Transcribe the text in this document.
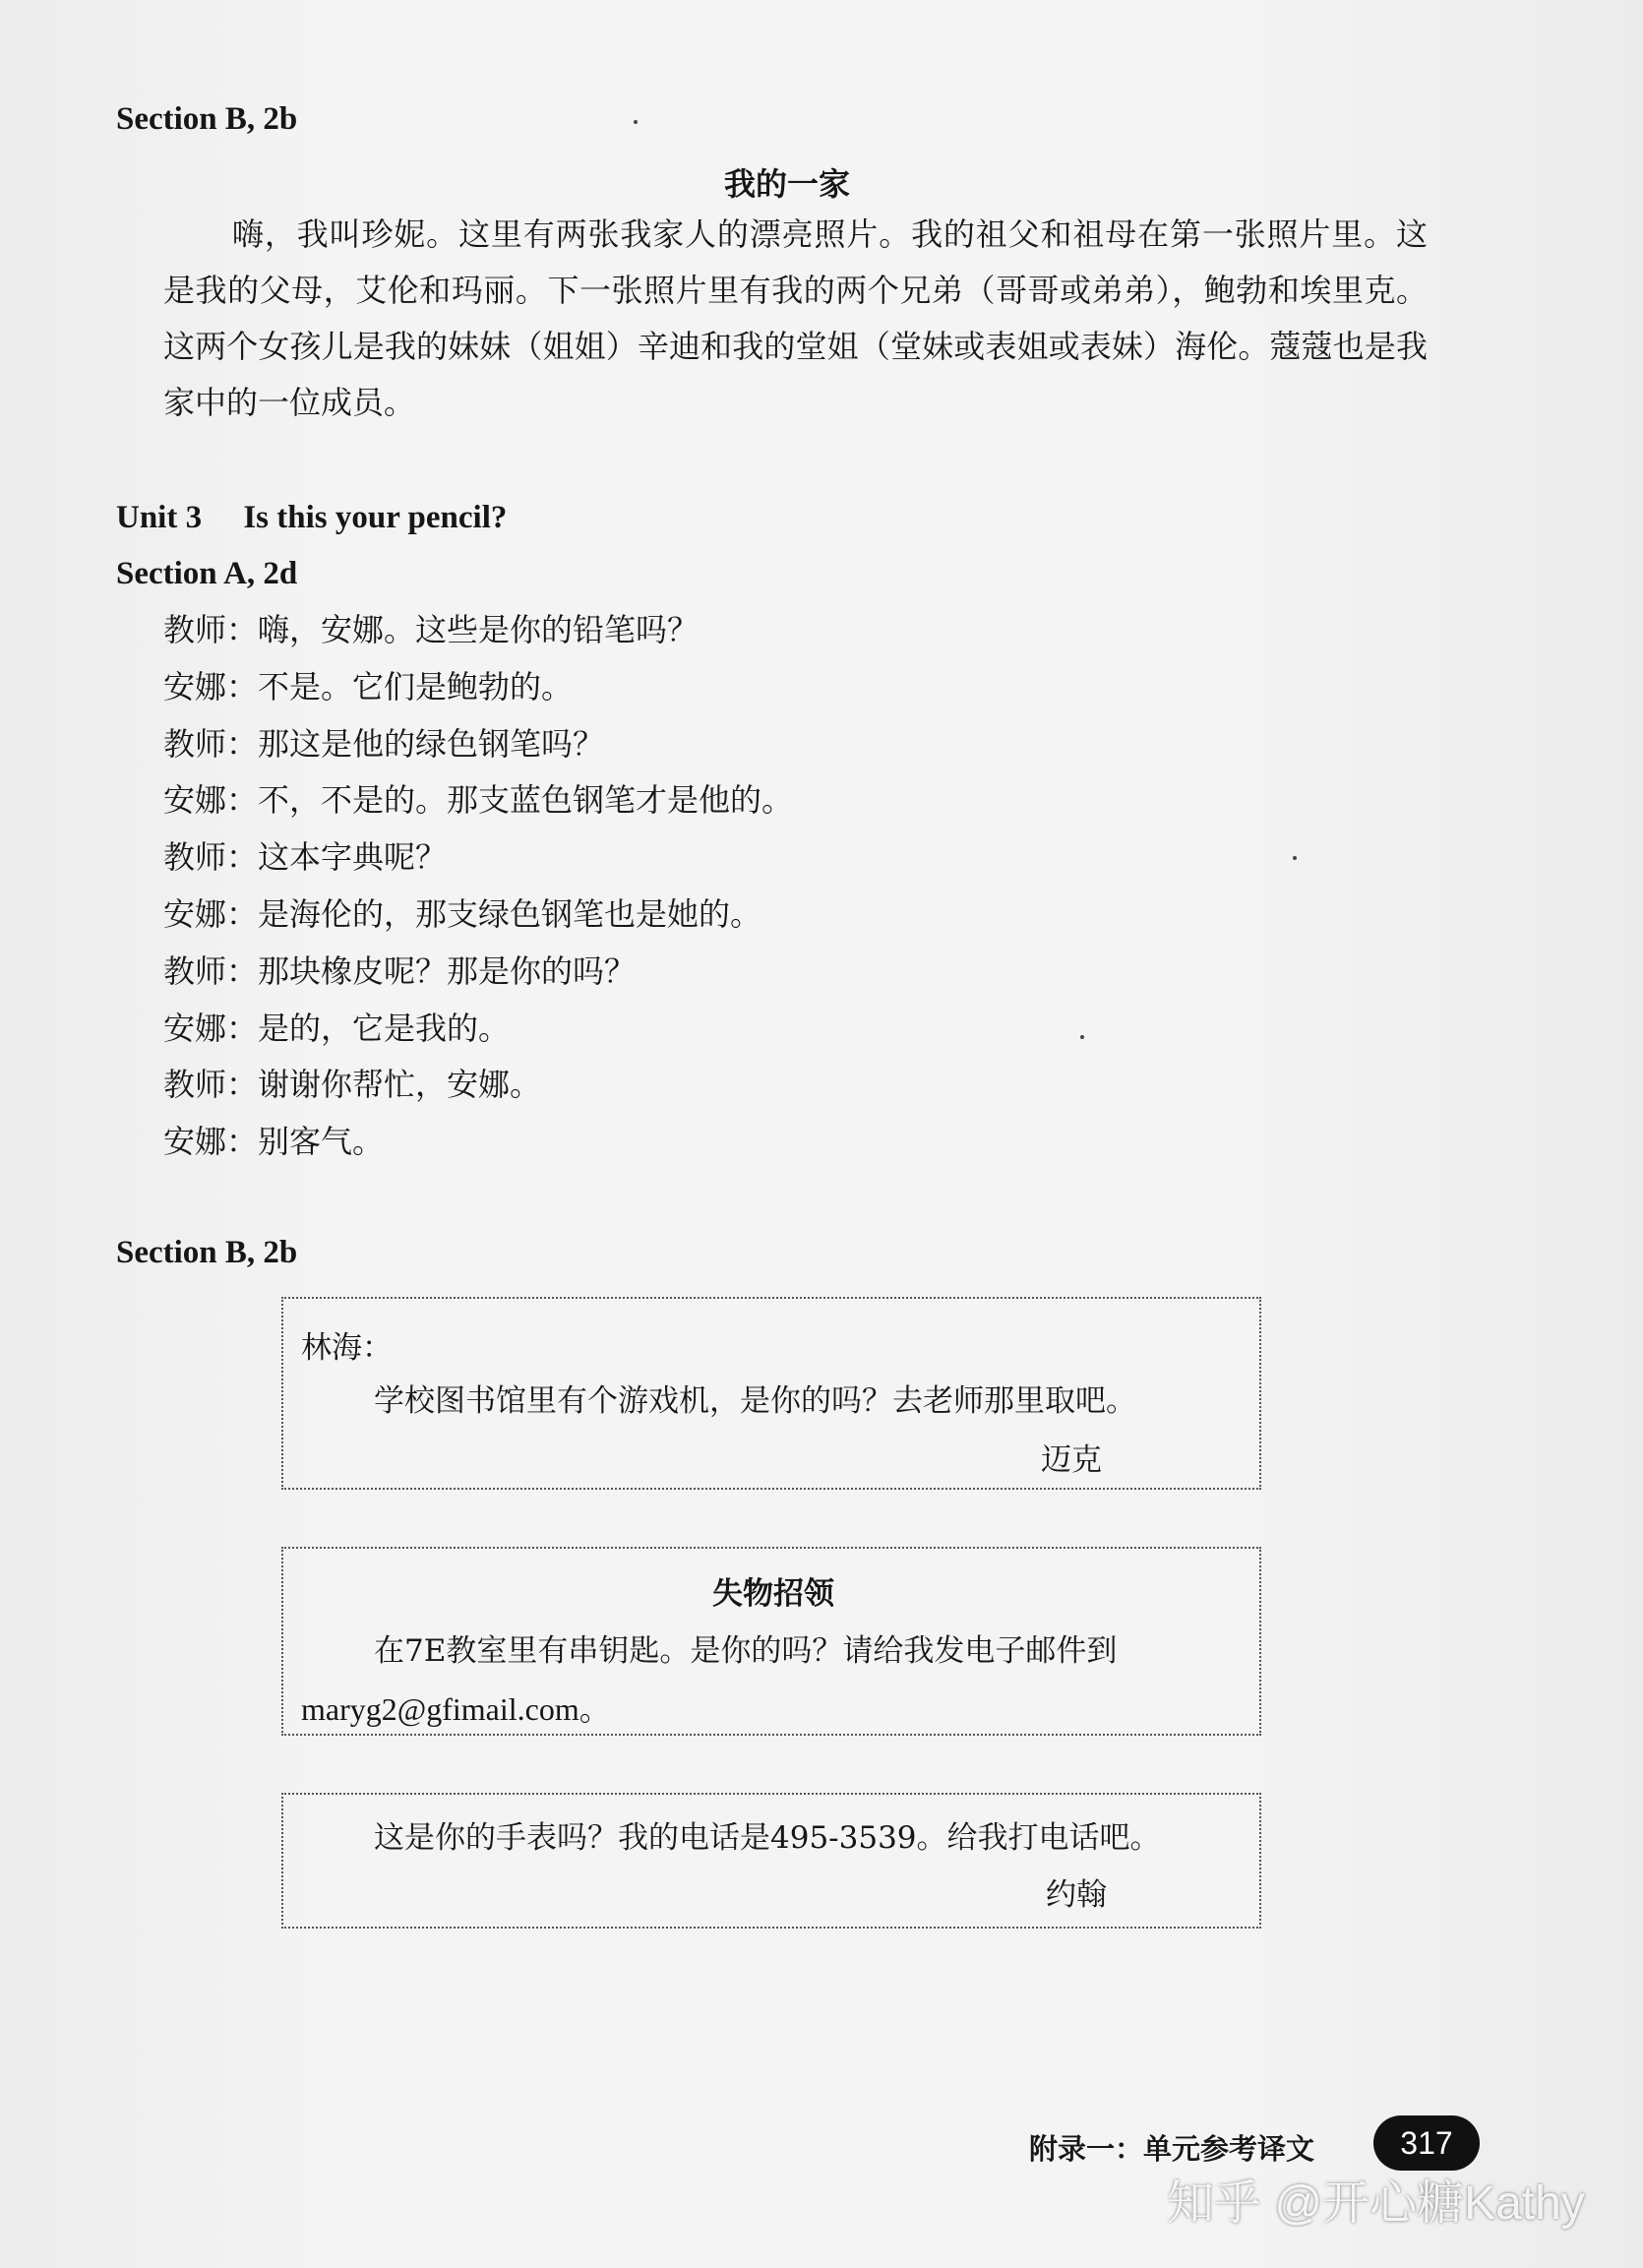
Section B, 2b
我的一家

嗨，我叫珍妮。这里有两张我家人的漂亮照片。我的祖父和祖母在第一张照片里。这是我的父母，艾伦和玛丽。下一张照片里有我的两个兄弟（哥哥或弟弟），鲍勃和埃里克。这两个女孩儿是我的妹妹（姐姐）辛迪和我的堂姐（堂妹或表姐或表妹）海伦。蔻蔻也是我家中的一位成员。

Unit 3 Is this your pencil?
Section A, 2d
教师：嗨，安娜。这些是你的铅笔吗？
安娜：不是。它们是鲍勃的。
教师：那这是他的绿色钢笔吗？
安娜：不，不是的。那支蓝色钢笔才是他的。
教师：这本字典呢？
安娜：是海伦的，那支绿色钢笔也是她的。
教师：那块橡皮呢？那是你的吗？
安娜：是的，它是我的。
教师：谢谢你帮忙，安娜。
安娜：别客气。
Section B, 2b
林海：
学校图书馆里有个游戏机，是你的吗？去老师那里取吧。
迈克
失物招领
在7E教室里有串钥匙。是你的吗？请给我发电子邮件到
maryg2@gfimail.com。
这是你的手表吗？我的电话是495-3539。给我打电话吧。
约翰
附录一：单元参考译文	317
知乎 @开心糖Kathy
